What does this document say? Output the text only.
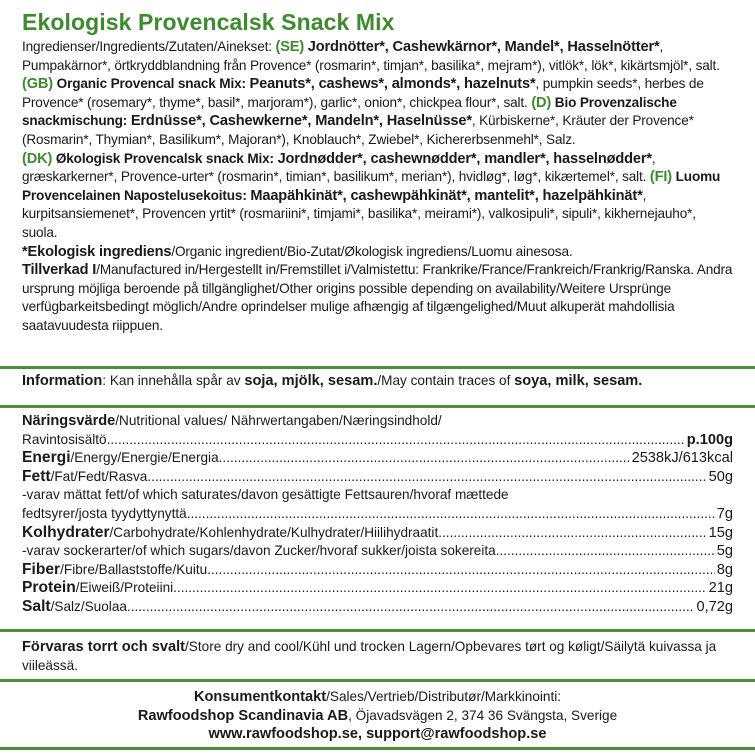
Ekologisk Provencalsk Snack Mix
Ingredienser/Ingredients/Zutaten/Ainekset: (SE) Jordnötter*, Cashewkärnor*, Mandel*, Hasselnötter*, Pumpakärnor*, örtkryddblandning från Provence* (rosmarin*, timjan*, basilika*, mejram*), vitlök*, lök*, kikärtsmjöl*, salt. (GB) Organic Provencal snack Mix: Peanuts*, cashews*, almonds*, hazelnuts*, pumpkin seeds*, herbes de Provence* (rosemary*, thyme*, basil*, marjoram*), garlic*, onion*, chickpea flour*, salt. (D) Bio Provenzalische snackmischung: Erdnüsse*, Cashewkerne*, Mandeln*, Haselnüsse*, Kürbiskerne*, Kräuter der Provence* (Rosmarin*, Thymian*, Basilikum*, Majoran*), Knoblauch*, Zwiebel*, Kichererbsenmehl*, Salz.
(DK) Økologisk Provencalsk snack Mix: Jordnødder*, cashewnødder*, mandler*, hasselnødder*, græskarkerner*, Provence-urter* (rosmarin*, timian*, basilikum*, merian*), hvidløg*, løg*, kikærtemel*, salt. (FI) Luomu Provencelainen Napostelusekoitus: Maapähkinät*, cashewpähkinät*, mantelit*, hazelpähkinät*, kurpitsansiemenet*, Provencen yrtit* (rosmariini*, timjami*, basilika*, meirami*), valkosipuli*, sipuli*, kikhernejauho*, suola.
*Ekologisk ingrediens/Organic ingredient/Bio-Zutat/Økologisk ingrediens/Luomu ainesosa.
Tillverkad I/Manufactured in/Hergestellt in/Fremstillet i/Valmistettu: Frankrike/France/Frankreich/Frankrig/Ranska. Andra ursprung möjliga beroende på tillgänglighet/Other origins possible depending on availability/Weitere Ursprünge verfügbarkeitsbedingt möglich/Andre oprindelser mulige afhængig af tilgængelighed/Muut alkuperät mahdollisia saatavuudesta riippuen.
Information: Kan innehålla spår av soja, mjölk, sesam./May contain traces of soya, milk, sesam.
Näringsvärde/Nutritional values/ Nährwertangaben/Næringsindhold/
Ravintosisältö .....	p.100g
Energi/Energy/Energie/Energia .....	2538kJ/613kcal
Fett/Fat/Fedt/Rasva .....	50g
-varav mättat fett/of which saturates/davon gesättigte Fettsauren/hvoraf mættede
fedtsyrer/josta tyydyttynyttä .....	7g
Kolhydrater/Carbohydrate/Kohlenhydrate/Kulhydrater/Hiilihydraatit .....	15g
-varav sockerarter/of which sugars/davon Zucker/hvoraf sukker/joista sokereita .....	5g
Fiber/Fibre/Ballaststoffe/Kuitu .....	8g
Protein/Eiweiß/Proteiini .....	21g
Salt/Salz/Suolaa .....	0,72g
Förvaras torrt och svalt/Store dry and cool/Kühl und trocken Lagern/Opbevares tørt og køligt/Säilytä kuivassa ja viileässä.
Konsumentkontakt/Sales/Vertrieb/Distributør/Markkinointi:
Rawfoodshop Scandinavia AB, Öjavadsvägen 2, 374 36 Svängsta, Sverige
www.rawfoodshop.se, support@rawfoodshop.se
